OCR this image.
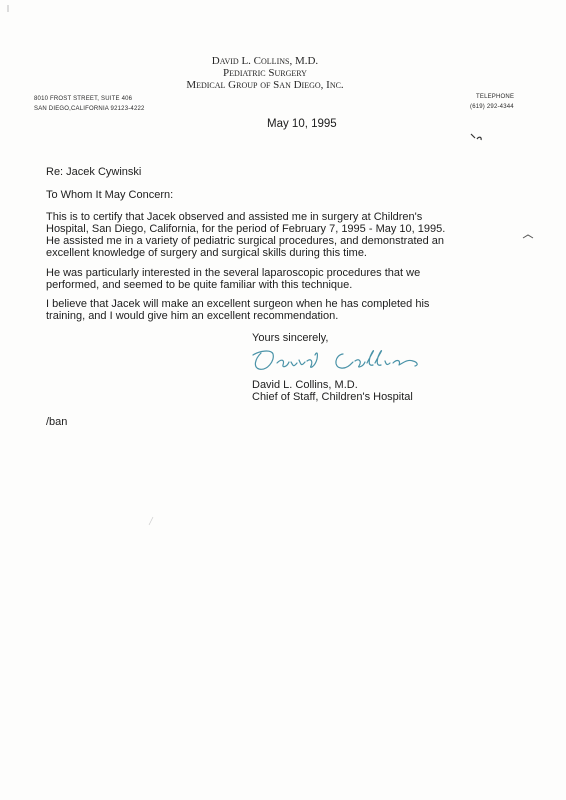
David L. Collins, M.D.
Pediatric Surgery
Medical Group of San Diego, Inc.
8010 FROST STREET, SUITE 406
SAN DIEGO,CALIFORNIA 92123-4222
TELEPHONE
(619) 292-4344
May 10, 1995
Re: Jacek Cywinski
To Whom It May Concern:
This is to certify that Jacek observed and assisted me in surgery at Children's
Hospital, San Diego, California, for the period of February 7, 1995 - May 10, 1995.
He assisted me in a variety of pediatric surgical procedures, and demonstrated an
excellent knowledge of surgery and surgical skills during this time.
He was particularly interested in the several laparoscopic procedures that we
performed, and seemed to be quite familiar with this technique.
I believe that Jacek will make an excellent surgeon when he has completed his
training, and I would give him an excellent recommendation.
Yours sincerely,
David L. Collins, M.D.
Chief of Staff, Children's Hospital
/ban
